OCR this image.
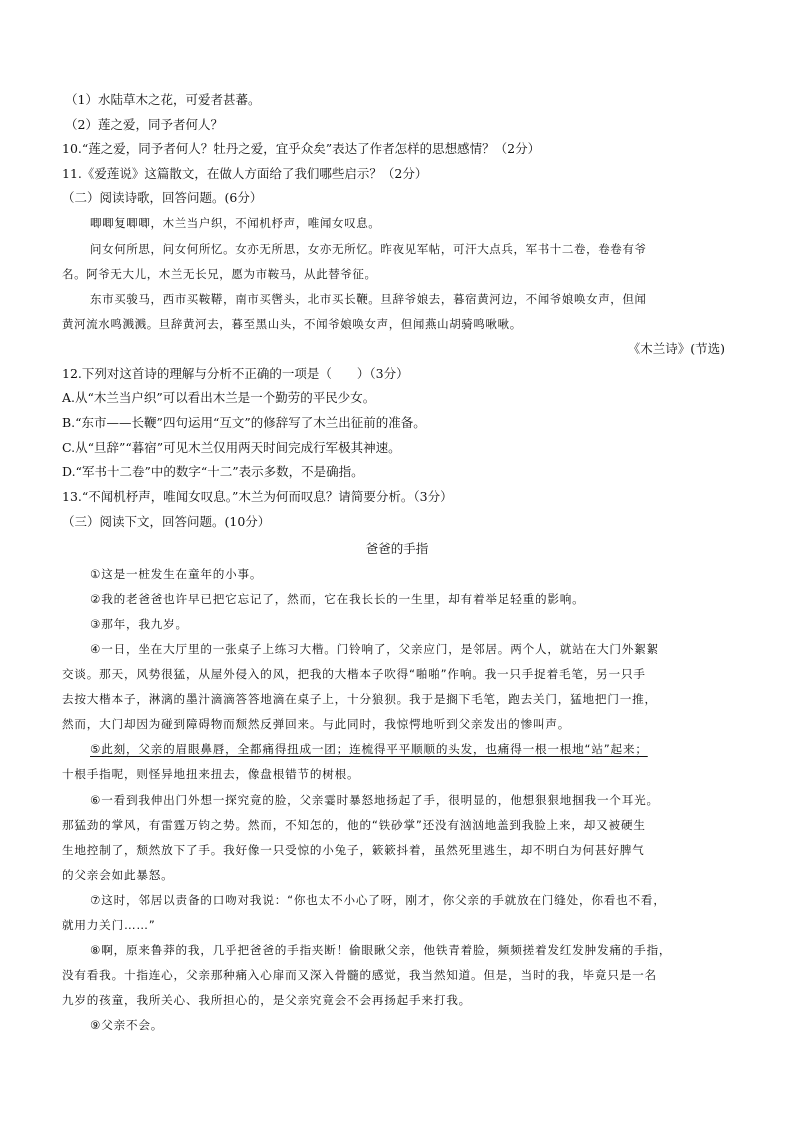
（1）水陆草木之花，可爱者甚蕃。
（2）莲之爱，同予者何人？
10.“莲之爱，同予者何人？牡丹之爱，宜乎众矣”表达了作者怎样的思想感情？（2分）
11.《爱莲说》这篇散文，在做人方面给了我们哪些启示？（2分）
（二）阅读诗歌，回答问题。(6分）
唧唧复唧唧，木兰当户织，不闻机杼声，唯闻女叹息。
问女何所思，问女何所忆。女亦无所思，女亦无所忆。昨夜见军帖，可汗大点兵，军书十二卷，卷卷有爷
名。阿爷无大儿，木兰无长兄，愿为市鞍马，从此替爷征。
东市买骏马，西市买鞍鞯，南市买辔头，北市买长鞭。旦辞爷娘去，暮宿黄河边，不闻爷娘唤女声，但闻
黄河流水鸣溅溅。旦辞黄河去，暮至黑山头，不闻爷娘唤女声，但闻燕山胡骑鸣啾啾。
《木兰诗》(节选)
12.下列对这首诗的理解与分析不正确的一项是（　　）（3分）
A.从“木兰当户织”可以看出木兰是一个勤劳的平民少女。
B.“东市——长鞭”四句运用“互文”的修辞写了木兰出征前的准备。
C.从“旦辞”“暮宿”可见木兰仅用两天时间完成行军极其神速。
D.“军书十二卷”中的数字“十二”表示多数，不是确指。
13.“不闻机杼声，唯闻女叹息。”木兰为何而叹息？请简要分析。（3分）
（三）阅读下文，回答问题。(10分）
爸爸的手指
①这是一桩发生在童年的小事。
②我的老爸爸也许早已把它忘记了，然而，它在我长长的一生里，却有着举足轻重的影响。
③那年，我九岁。
④一日，坐在大厅里的一张桌子上练习大楷。门铃响了，父亲应门，是邻居。两个人，就站在大门外絮絮
交谈。那天，风势很猛，从屋外侵入的风，把我的大楷本子吹得“啪啪”作响。我一只手捉着毛笔，另一只手
去按大楷本子，淋漓的墨汁滴滴答答地滴在桌子上，十分狼狈。我于是搁下毛笔，跑去关门，猛地把门一推，
然而，大门却因为碰到障碍物而颓然反弹回来。与此同时，我惊愕地听到父亲发出的惨叫声。
⑤此刻，父亲的眉眼鼻唇，全都痛得扭成一团；连梳得平平顺顺的头发，也痛得一根一根地“站”起来；
十根手指呢，则怪异地扭来扭去，像盘根错节的树根。
⑥一看到我伸出门外想一探究竟的脸，父亲霎时暴怒地扬起了手，很明显的，他想狠狠地掴我一个耳光。
那猛劲的掌风，有雷霆万钧之势。然而，不知怎的，他的“铁砂掌”还没有汹汹地盖到我脸上来，却又被硬生
生地控制了，颓然放下了手。我好像一只受惊的小兔子，簌簌抖着，虽然死里逃生，却不明白为何甚好脾气
的父亲会如此暴怒。
⑦这时，邻居以责备的口吻对我说：“你也太不小心了呀，刚才，你父亲的手就放在门缝处，你看也不看，
就用力关门……”
⑧啊，原来鲁莽的我，几乎把爸爸的手指夹断！偷眼瞅父亲，他铁青着脸，频频搓着发红发肿发痛的手指，
没有看我。十指连心，父亲那种痛入心扉而又深入骨髓的感觉，我当然知道。但是，当时的我，毕竟只是一名
九岁的孩童，我所关心、我所担心的，是父亲究竟会不会再扬起手来打我。
⑨父亲不会。
